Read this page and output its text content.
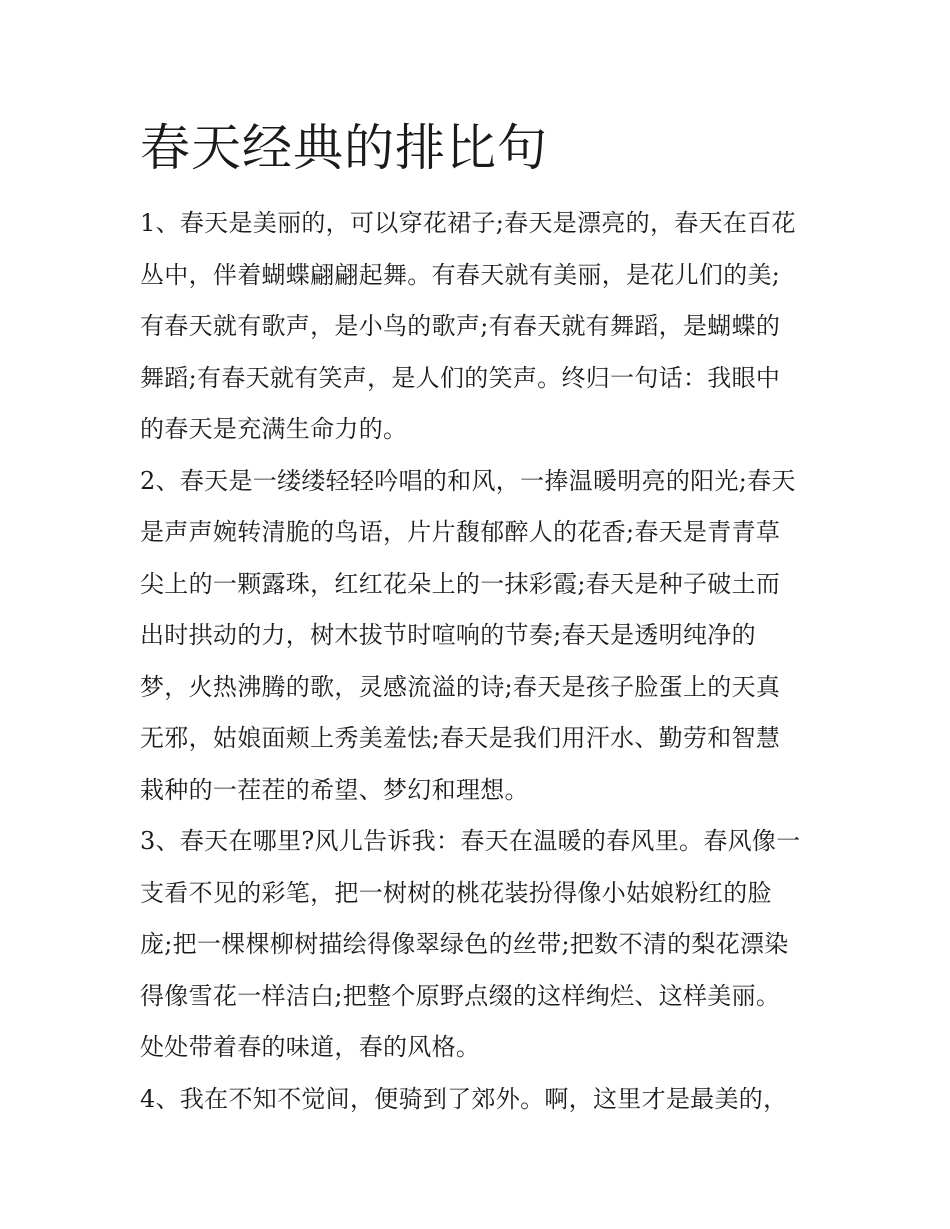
春天经典的排比句
1、春天是美丽的，可以穿花裙子;春天是漂亮的，春天在百花
丛中，伴着蝴蝶翩翩起舞。有春天就有美丽，是花儿们的美;
有春天就有歌声，是小鸟的歌声;有春天就有舞蹈，是蝴蝶的
舞蹈;有春天就有笑声，是人们的笑声。终归一句话：我眼中
的春天是充满生命力的。
2、春天是一缕缕轻轻吟唱的和风，一捧温暖明亮的阳光;春天
是声声婉转清脆的鸟语，片片馥郁醉人的花香;春天是青青草
尖上的一颗露珠，红红花朵上的一抹彩霞;春天是种子破土而
出时拱动的力，树木拔节时喧响的节奏;春天是透明纯净的
梦，火热沸腾的歌，灵感流溢的诗;春天是孩子脸蛋上的天真
无邪，姑娘面颊上秀美羞怯;春天是我们用汗水、勤劳和智慧
栽种的一茬茬的希望、梦幻和理想。
3、春天在哪里?风儿告诉我：春天在温暖的春风里。春风像一
支看不见的彩笔，把一树树的桃花装扮得像小姑娘粉红的脸
庞;把一棵棵柳树描绘得像翠绿色的丝带;把数不清的梨花漂染
得像雪花一样洁白;把整个原野点缀的这样绚烂、这样美丽。
处处带着春的味道，春的风格。
4、我在不知不觉间，便骑到了郊外。啊，这里才是最美的，
